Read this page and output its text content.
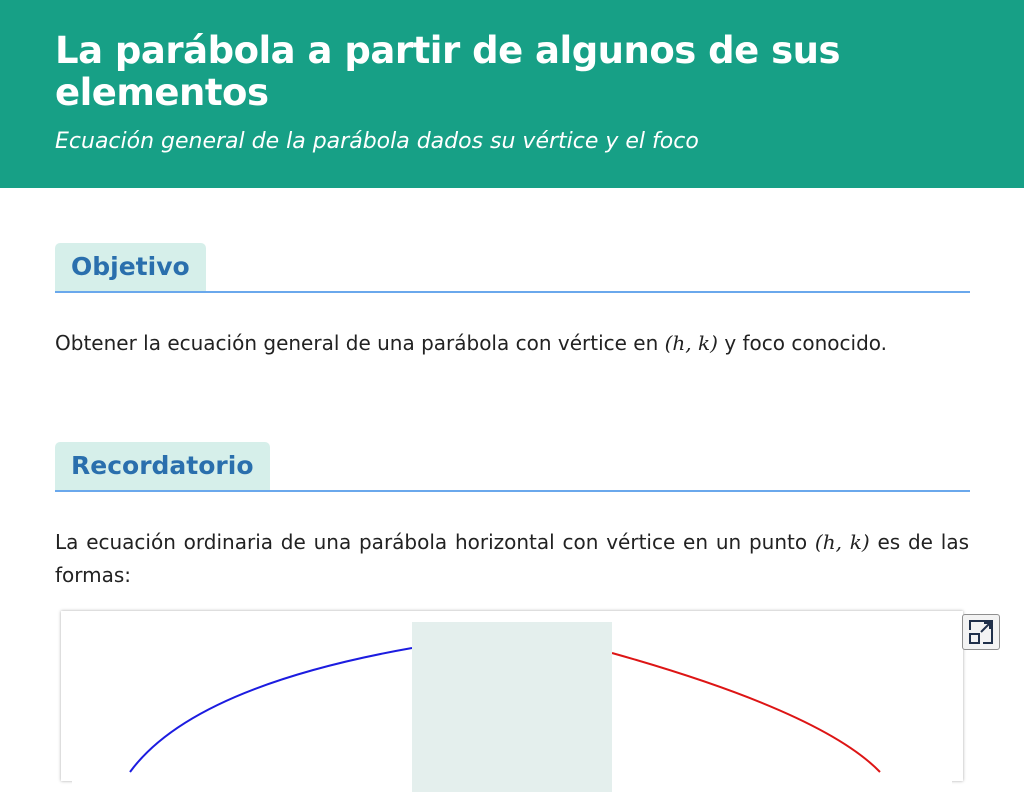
La parábola a partir de algunos de sus elementos

Ecuación general de la parábola dados su vértice y el foco

Objetivo

Obtener la ecuación general de una parábola con vértice en (h, k) y foco conocido.

Recordatorio

La ecuación ordinaria de una parábola horizontal con vértice en un punto (h, k) es de las formas:
